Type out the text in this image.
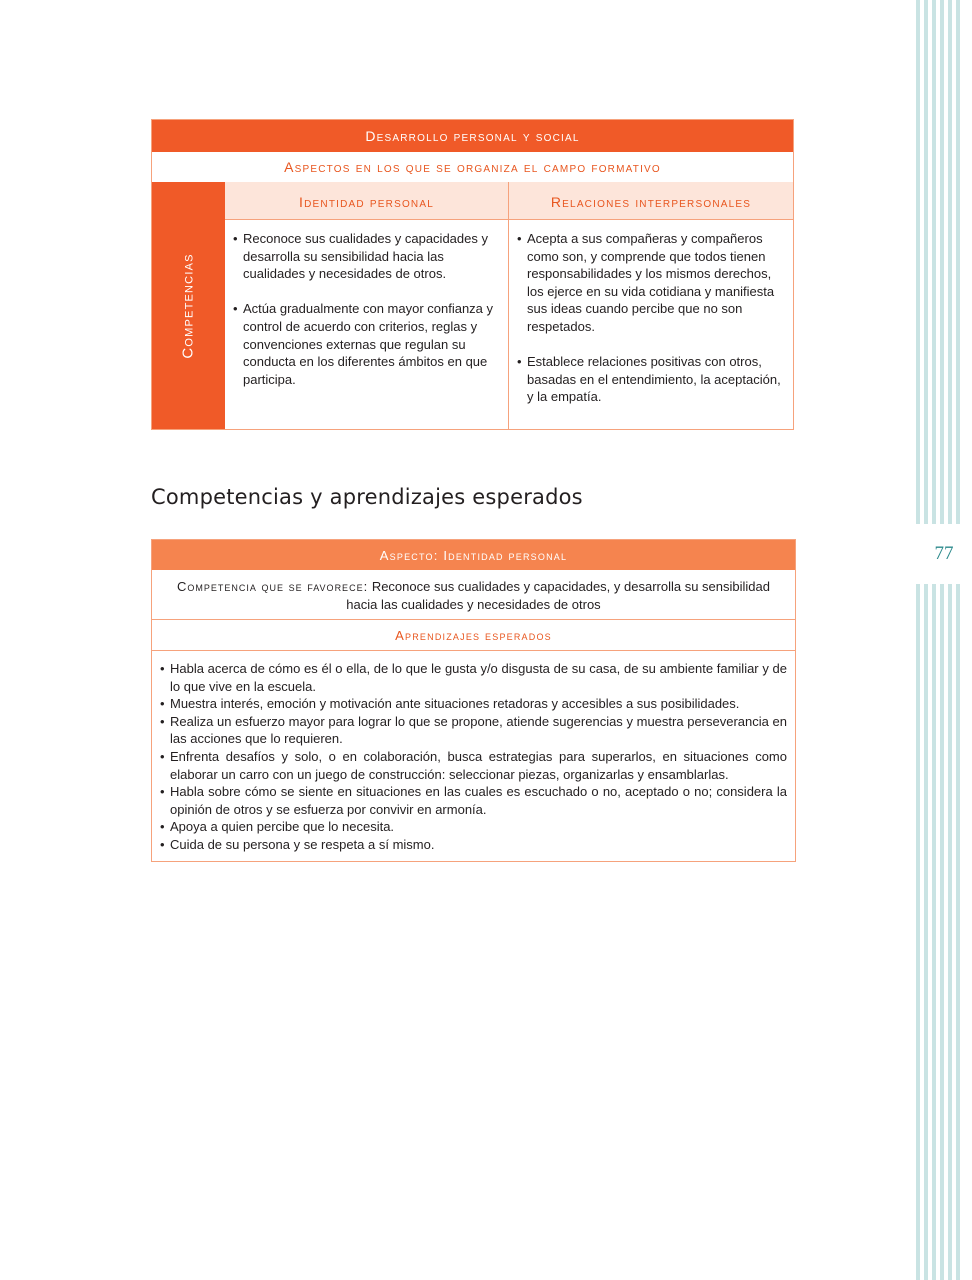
77
Desarrollo personal y social
Aspectos en los que se organiza el campo formativo
Competencias
Identidad personal	Relaciones interpersonales
• Reconoce sus cualidades y capacidades y desarrolla su sensibilidad hacia las cualidades y necesidades de otros.
• Actúa gradualmente con mayor confianza y control de acuerdo con criterios, reglas y convenciones externas que regulan su conducta en los diferentes ámbitos en que participa.
• Acepta a sus compañeras y compañeros como son, y comprende que todos tienen responsabilidades y los mismos derechos, los ejerce en su vida cotidiana y manifiesta sus ideas cuando percibe que no son respetados.
• Establece relaciones positivas con otros, basadas en el entendimiento, la aceptación, y la empatía.
Competencias y aprendizajes esperados
Aspecto: Identidad personal
Competencia que se favorece: Reconoce sus cualidades y capacidades, y desarrolla su sensibilidad hacia las cualidades y necesidades de otros
Aprendizajes esperados
• Habla acerca de cómo es él o ella, de lo que le gusta y/o disgusta de su casa, de su ambiente familiar y de lo que vive en la escuela.
• Muestra interés, emoción y motivación ante situaciones retadoras y accesibles a sus posibilidades.
• Realiza un esfuerzo mayor para lograr lo que se propone, atiende sugerencias y muestra perseverancia en las acciones que lo requieren.
• Enfrenta desafíos y solo, o en colaboración, busca estrategias para superarlos, en situaciones como elaborar un carro con un juego de construcción: seleccionar piezas, organizarlas y ensamblarlas.
• Habla sobre cómo se siente en situaciones en las cuales es escuchado o no, aceptado o no; considera la opinión de otros y se esfuerza por convivir en armonía.
• Apoya a quien percibe que lo necesita.
• Cuida de su persona y se respeta a sí mismo.
